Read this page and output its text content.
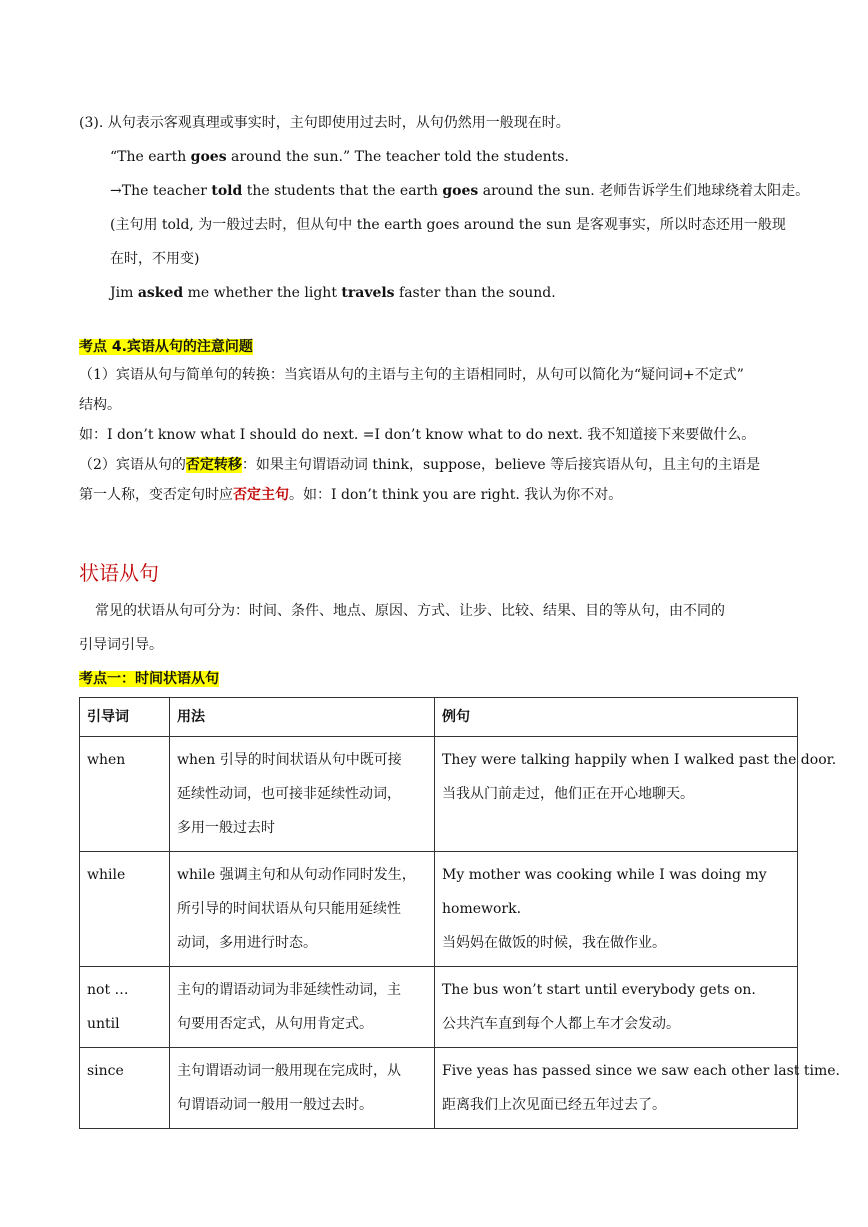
(3). 从句表示客观真理或事实时，主句即使用过去时，从句仍然用一般现在时。
“The earth goes around the sun.” The teacher told the students.
→The teacher told the students that the earth goes around the sun. 老师告诉学生们地球绕着太阳走。
(主句用 told, 为一般过去时，但从句中 the earth goes around the sun 是客观事实，所以时态还用一般现
在时，不用变)
Jim asked me whether the light travels faster than the sound.
考点 4.宾语从句的注意问题
（1）宾语从句与简单句的转换：当宾语从句的主语与主句的主语相同时，从句可以简化为“疑问词+不定式”
结构。
如：I don’t know what I should do next. =I don’t know what to do next. 我不知道接下来要做什么。
（2）宾语从句的否定转移：如果主句谓语动词 think，suppose，believe 等后接宾语从句，且主句的主语是
第一人称，变否定句时应否定主句。如：I don’t think you are right. 我认为你不对。
状语从句
常见的状语从句可分为：时间、条件、地点、原因、方式、让步、比较、结果、目的等从句，由不同的
引导词引导。
考点一：时间状语从句
引导词	用法	例句
when	when 引导的时间状语从句中既可接
延续性动词，也可接非延续性动词，
多用一般过去时	They were talking happily when I walked past the door.
当我从门前走过，他们正在开心地聊天。

while	while 强调主句和从句动作同时发生，
所引导的时间状语从句只能用延续性
动词，多用进行时态。	My mother was cooking while I was doing my
homework.
当妈妈在做饭的时候，我在做作业。

not … until	主句的谓语动词为非延续性动词，主
句要用否定式，从句用肯定式。	The bus won’t start until everybody gets on.
公共汽车直到每个人都上车才会发动。

since	主句谓语动词一般用现在完成时，从
句谓语动词一般用一般过去时。	Five yeas has passed since we saw each other last time.
距离我们上次见面已经五年过去了。
